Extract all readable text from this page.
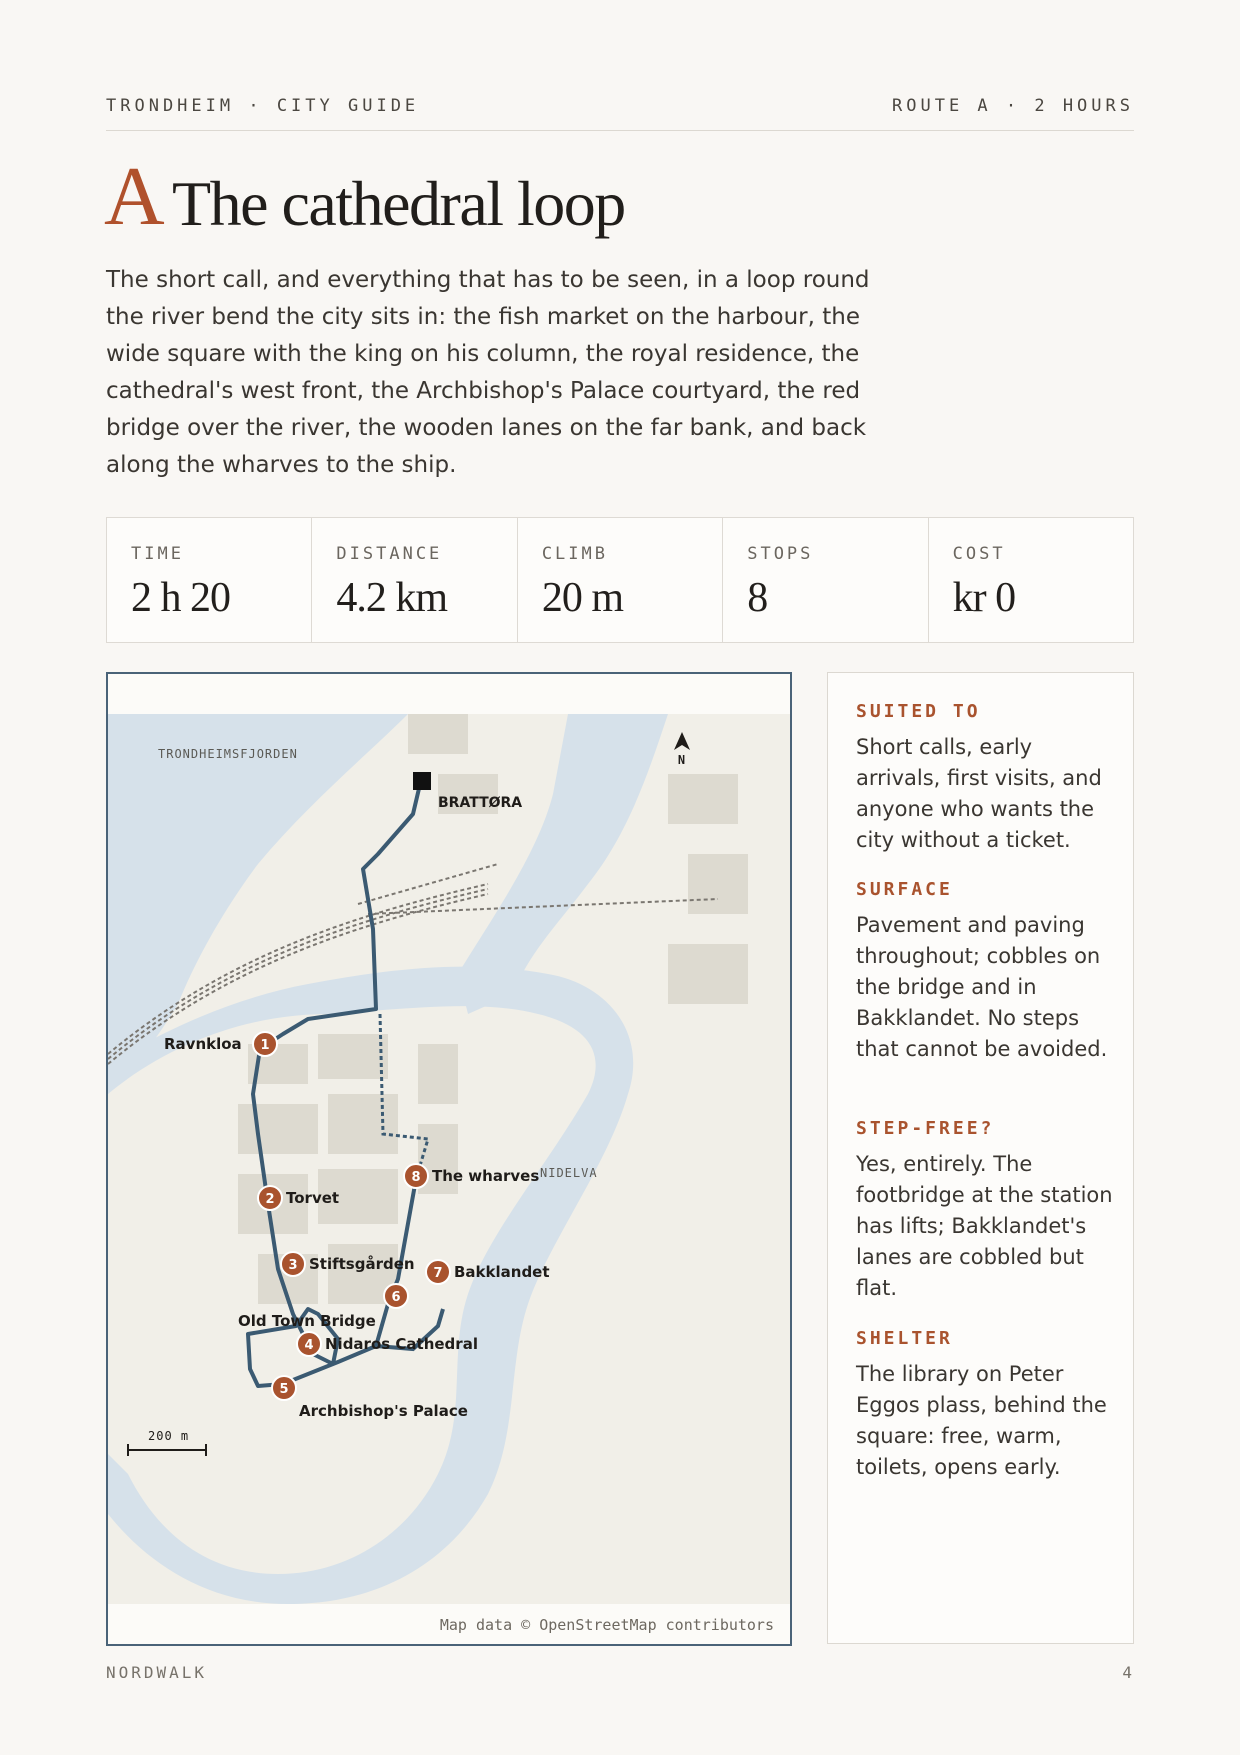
TRONDHEIM · CITY GUIDE	ROUTE A · 2 HOURS
A The cathedral loop

The short call, and everything that has to be seen, in a loop round the river bend the city sits in: the fish market on the harbour, the wide square with the king on his column, the royal residence, the cathedral's west front, the Archbishop's Palace courtyard, the red bridge over the river, the wooden lanes on the far bank, and back along the wharves to the ship.

TIME
2 h 20
DISTANCE
4.2 km
CLIMB
20 m
STOPS
8
COST
kr 0
N
TRONDHEIMSFJORDEN
BRATTØRA
NIDELVA
Old Town Bridge
200 m
1
Ravnkloa
2 Torvet
3 Stiftsgården
4 Nidaros Cathedral
5
Archbishop's Palace
6
7 Bakklandet
8 The wharves
Map data © OpenStreetMap contributors
SUITED TO

Short calls, early arrivals, first visits, and anyone who wants the city without a ticket.

SURFACE

Pavement and paving throughout; cobbles on the bridge and in Bakklandet. No steps that cannot be avoided.

STEP-FREE?

Yes, entirely. The footbridge at the station has lifts; Bakklandet's lanes are cobbled but flat.

SHELTER

The library on Peter Eggos plass, behind the square: free, warm, toilets, opens early.

NORDWALK	4
